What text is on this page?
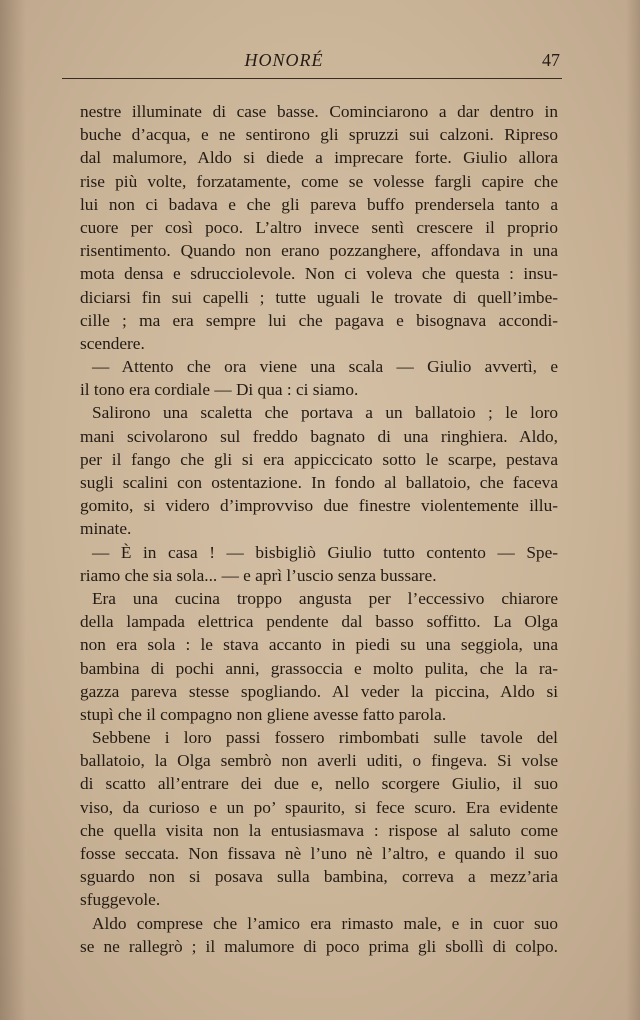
HONORÉ	47
nestre illuminate di case basse. Cominciarono a dar dentro in
buche d’acqua, e ne sentirono gli spruzzi sui calzoni. Ripreso
dal malumore, Aldo si diede a imprecare forte. Giulio allora
rise più volte, forzatamente, come se volesse fargli capire che
lui non ci badava e che gli pareva buffo prendersela tanto a
cuore per così poco. L’altro invece sentì crescere il proprio
risentimento. Quando non erano pozzanghere, affondava in una
mota densa e sdrucciolevole. Non ci voleva che questa : insu-
diciarsi fin sui capelli ; tutte uguali le trovate di quell’imbe-
cille ; ma era sempre lui che pagava e bisognava accondi-
scendere.
— Attento che ora viene una scala — Giulio avvertì, e
il tono era cordiale — Di qua : ci siamo.
Salirono una scaletta che portava a un ballatoio ; le loro
mani scivolarono sul freddo bagnato di una ringhiera. Aldo,
per il fango che gli si era appiccicato sotto le scarpe, pestava
sugli scalini con ostentazione. In fondo al ballatoio, che faceva
gomito, si videro d’improvviso due finestre violentemente illu-
minate.
— È in casa ! — bisbigliò Giulio tutto contento — Spe-
riamo che sia sola... — e aprì l’uscio senza bussare.
Era una cucina troppo angusta per l’eccessivo chiarore
della lampada elettrica pendente dal basso soffitto. La Olga
non era sola : le stava accanto in piedi su una seggiola, una
bambina di pochi anni, grassoccia e molto pulita, che la ra-
gazza pareva stesse spogliando. Al veder la piccina, Aldo si
stupì che il compagno non gliene avesse fatto parola.
Sebbene i loro passi fossero rimbombati sulle tavole del
ballatoio, la Olga sembrò non averli uditi, o fingeva. Si volse
di scatto all’entrare dei due e, nello scorgere Giulio, il suo
viso, da curioso e un po’ spaurito, si fece scuro. Era evidente
che quella visita non la entusiasmava : rispose al saluto come
fosse seccata. Non fissava nè l’uno nè l’altro, e quando il suo
sguardo non si posava sulla bambina, correva a mezz’aria
sfuggevole.
Aldo comprese che l’amico era rimasto male, e in cuor suo
se ne rallegrò ; il malumore di poco prima gli sbollì di colpo.
